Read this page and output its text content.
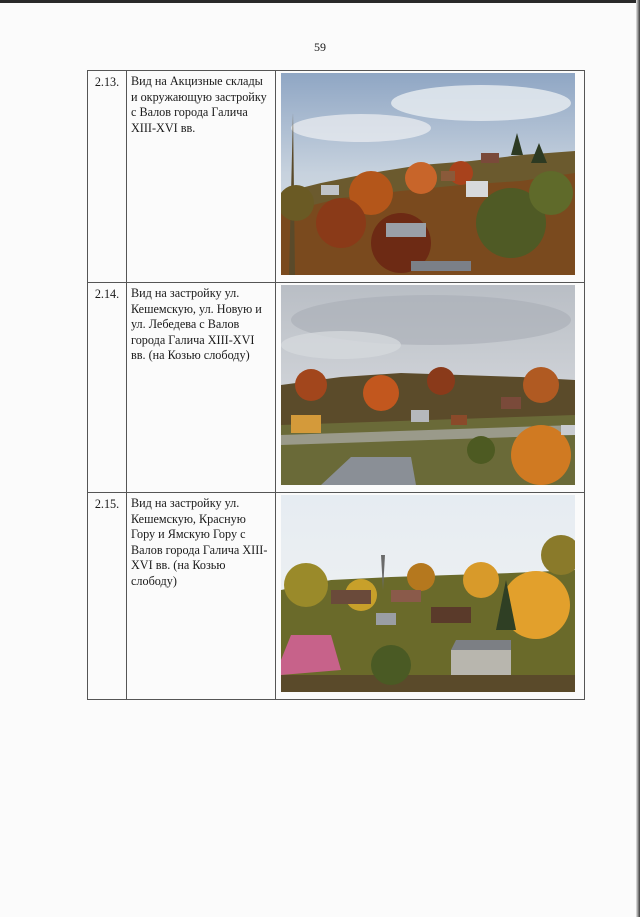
59
2.13.	Вид на Акцизные склады и окружающую застройку с Валов города Галича XIII-XVI вв.

2.14.	Вид на застройку ул. Кешемскую, ул. Новую и ул. Лебедева с Валов города Галича XIII-XVI вв. (на Козью слободу)

2.15.	Вид на застройку ул. Кешемскую, Красную Гору и Ямскую Гору с Валов города Галича XIII-XVI вв. (на Козью слободу)
